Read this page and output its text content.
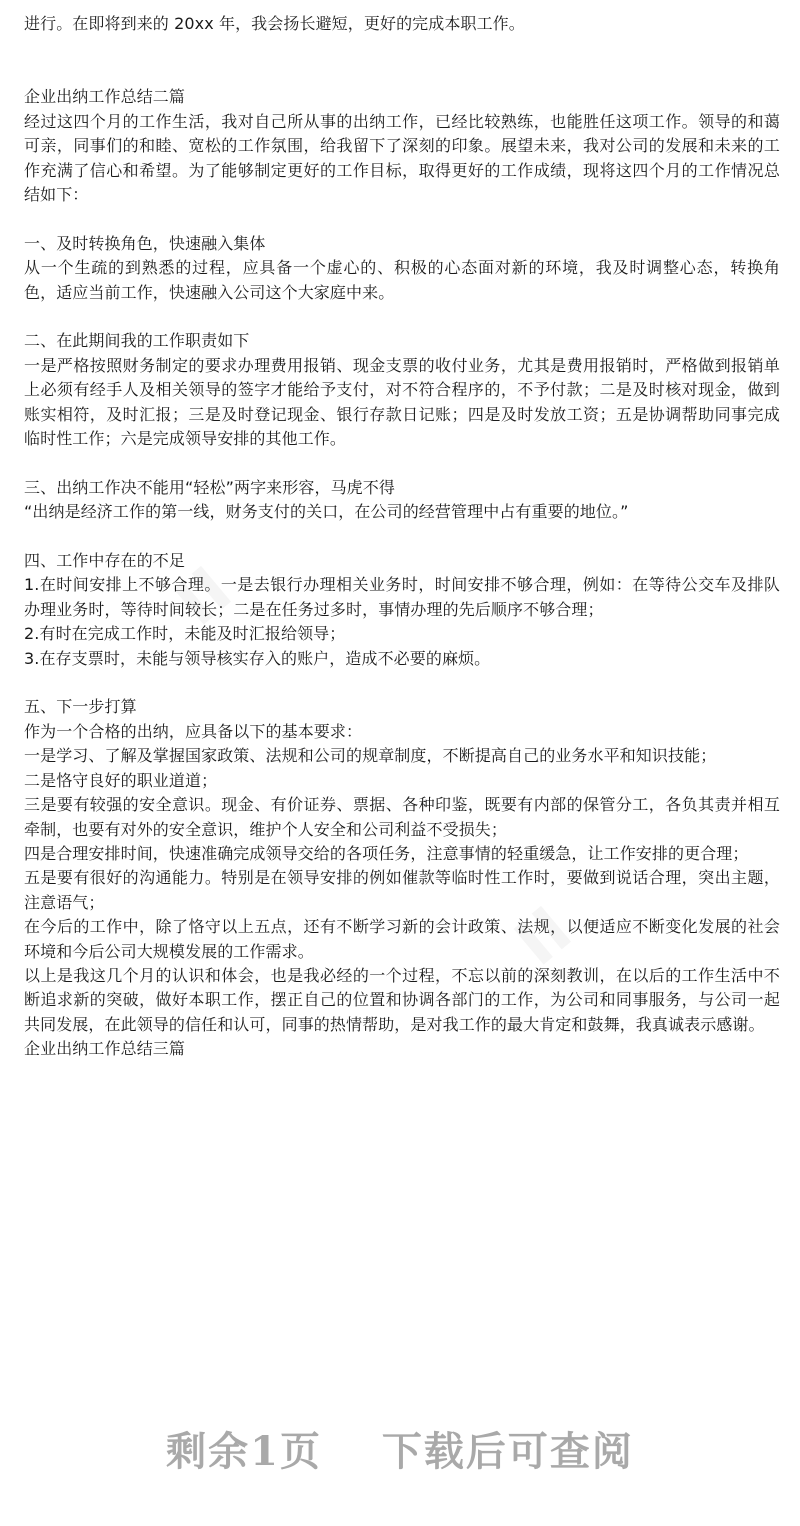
ⅠⅠ
ⅠⅠ

进行。在即将到来的 20xx 年，我会扬长避短，更好的完成本职工作。

企业出纳工作总结二篇

经过这四个月的工作生活，我对自己所从事的出纳工作，已经比较熟练，也能胜任这项工作。领导的和蔼可亲，同事们的和睦、宽松的工作氛围，给我留下了深刻的印象。展望未来，我对公司的发展和未来的工作充满了信心和希望。为了能够制定更好的工作目标，取得更好的工作成绩，现将这四个月的工作情况总结如下：

一、及时转换角色，快速融入集体

从一个生疏的到熟悉的过程，应具备一个虚心的、积极的心态面对新的环境，我及时调整心态，转换角色，适应当前工作，快速融入公司这个大家庭中来。

二、在此期间我的工作职责如下

一是严格按照财务制定的要求办理费用报销、现金支票的收付业务，尤其是费用报销时，严格做到报销单上必须有经手人及相关领导的签字才能给予支付，对不符合程序的，不予付款；二是及时核对现金，做到账实相符，及时汇报；三是及时登记现金、银行存款日记账；四是及时发放工资；五是协调帮助同事完成临时性工作；六是完成领导安排的其他工作。

三、出纳工作决不能用“轻松”两字来形容，马虎不得

“出纳是经济工作的第一线，财务支付的关口，在公司的经营管理中占有重要的地位。”

四、工作中存在的不足

1.在时间安排上不够合理。一是去银行办理相关业务时，时间安排不够合理，例如：在等待公交车及排队办理业务时，等待时间较长；二是在任务过多时，事情办理的先后顺序不够合理；

2.有时在完成工作时，未能及时汇报给领导；

3.在存支票时，未能与领导核实存入的账户，造成不必要的麻烦。

五、下一步打算

作为一个合格的出纳，应具备以下的基本要求：

一是学习、了解及掌握国家政策、法规和公司的规章制度，不断提高自己的业务水平和知识技能；

二是恪守良好的职业道道；

三是要有较强的安全意识。现金、有价证券、票据、各种印鉴，既要有内部的保管分工，各负其责并相互牵制，也要有对外的安全意识，维护个人安全和公司利益不受损失；

四是合理安排时间，快速准确完成领导交给的各项任务，注意事情的轻重缓急，让工作安排的更合理；

五是要有很好的沟通能力。特别是在领导安排的例如催款等临时性工作时，要做到说话合理，突出主题，注意语气；

在今后的工作中，除了恪守以上五点，还有不断学习新的会计政策、法规，以便适应不断变化发展的社会环境和今后公司大规模发展的工作需求。

以上是我这几个月的认识和体会，也是我必经的一个过程，不忘以前的深刻教训，在以后的工作生活中不断追求新的突破，做好本职工作，摆正自己的位置和协调各部门的工作，为公司和同事服务，与公司一起共同发展，在此领导的信任和认可，同事的热情帮助，是对我工作的最大肯定和鼓舞，我真诚表示感谢。

企业出纳工作总结三篇

剩余1页 下载后可查阅
